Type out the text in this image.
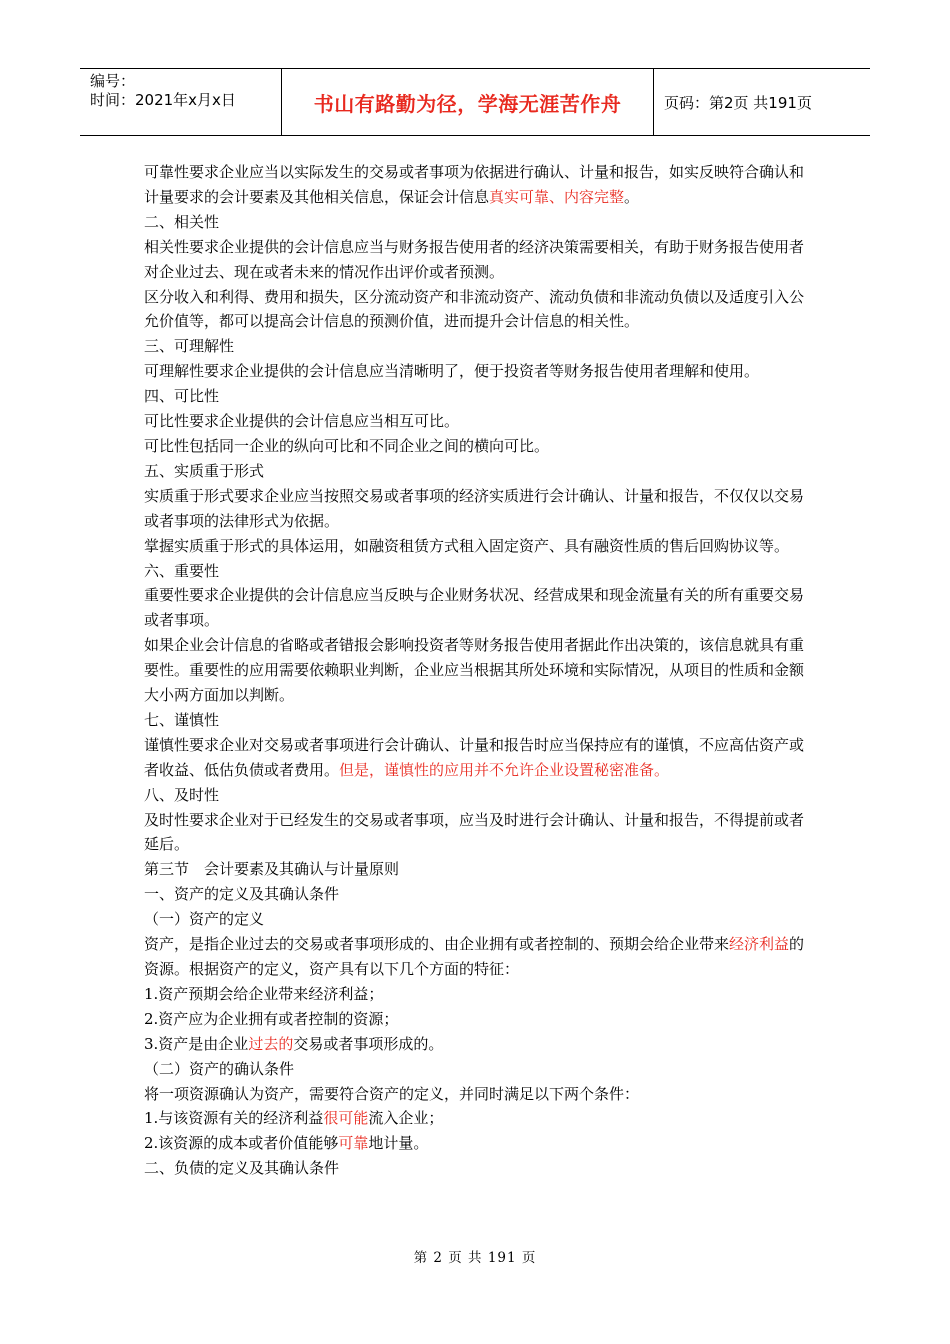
编号：
时间：2021年x月x日	书山有路勤为径，学海无涯苦作舟	页码：第2页 共191页

可靠性要求企业应当以实际发生的交易或者事项为依据进行确认、计量和报告，如实反映符合确认和计量要求的会计要素及其他相关信息，保证会计信息真实可靠、内容完整。

二、相关性

相关性要求企业提供的会计信息应当与财务报告使用者的经济决策需要相关，有助于财务报告使用者对企业过去、现在或者未来的情况作出评价或者预测。

区分收入和利得、费用和损失，区分流动资产和非流动资产、流动负债和非流动负债以及适度引入公允价值等，都可以提高会计信息的预测价值，进而提升会计信息的相关性。

三、可理解性

可理解性要求企业提供的会计信息应当清晰明了，便于投资者等财务报告使用者理解和使用。

四、可比性

可比性要求企业提供的会计信息应当相互可比。

可比性包括同一企业的纵向可比和不同企业之间的横向可比。

五、实质重于形式

实质重于形式要求企业应当按照交易或者事项的经济实质进行会计确认、计量和报告，不仅仅以交易或者事项的法律形式为依据。

掌握实质重于形式的具体运用，如融资租赁方式租入固定资产、具有融资性质的售后回购协议等。

六、重要性

重要性要求企业提供的会计信息应当反映与企业财务状况、经营成果和现金流量有关的所有重要交易或者事项。

如果企业会计信息的省略或者错报会影响投资者等财务报告使用者据此作出决策的，该信息就具有重要性。重要性的应用需要依赖职业判断，企业应当根据其所处环境和实际情况，从项目的性质和金额大小两方面加以判断。

七、谨慎性

谨慎性要求企业对交易或者事项进行会计确认、计量和报告时应当保持应有的谨慎，不应高估资产或者收益、低估负债或者费用。但是，谨慎性的应用并不允许企业设置秘密准备。

八、及时性

及时性要求企业对于已经发生的交易或者事项，应当及时进行会计确认、计量和报告，不得提前或者延后。

第三节　会计要素及其确认与计量原则

一、资产的定义及其确认条件

（一）资产的定义

资产，是指企业过去的交易或者事项形成的、由企业拥有或者控制的、预期会给企业带来经济利益的资源。根据资产的定义，资产具有以下几个方面的特征：

1.资产预期会给企业带来经济利益；

2.资产应为企业拥有或者控制的资源；

3.资产是由企业过去的交易或者事项形成的。

（二）资产的确认条件

将一项资源确认为资产，需要符合资产的定义，并同时满足以下两个条件：

1.与该资源有关的经济利益很可能流入企业；

2.该资源的成本或者价值能够可靠地计量。

二、负债的定义及其确认条件

第 2 页 共 191 页
